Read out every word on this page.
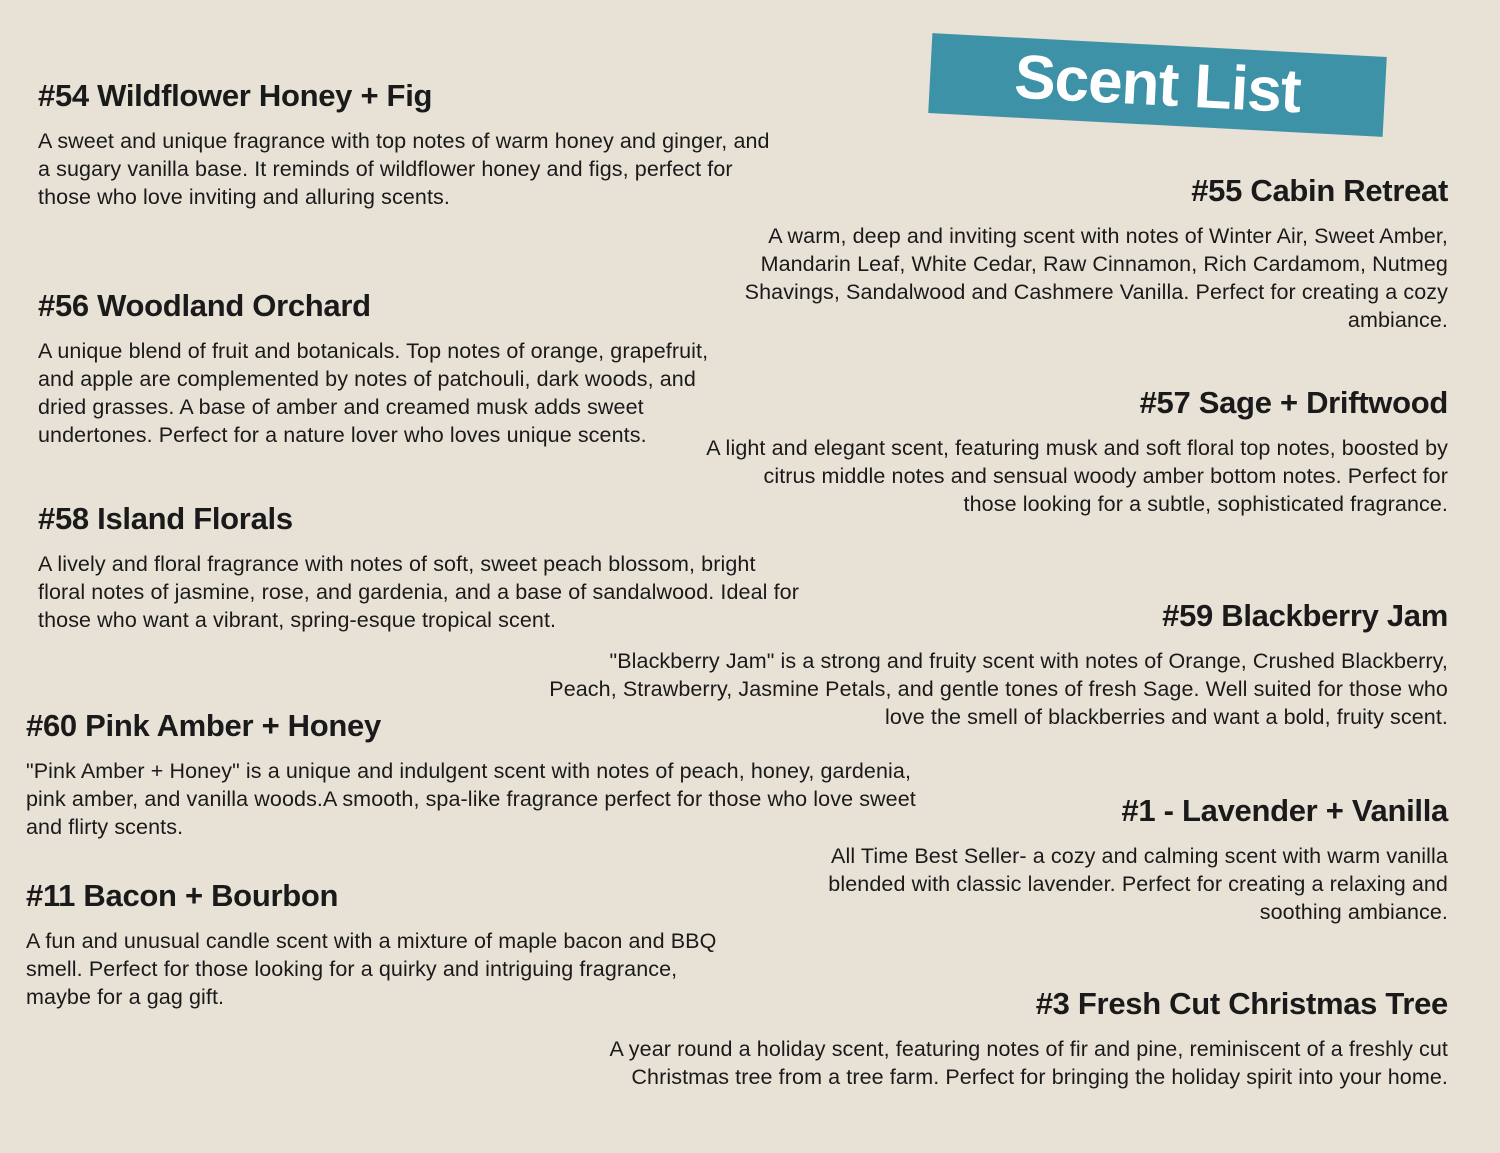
Scent List
#54 Wildflower Honey + Fig

A sweet and unique fragrance with top notes of warm honey and ginger, and a sugary vanilla base. It reminds of wildflower honey and figs, perfect for those who love inviting and alluring scents.	#55 Cabin Retreat

A warm, deep and inviting scent with notes of Winter Air, Sweet Amber, Mandarin Leaf, White Cedar, Raw Cinnamon, Rich Cardamom, Nutmeg Shavings, Sandalwood and Cashmere Vanilla. Perfect for creating a cozy ambiance.

#56 Woodland Orchard

A unique blend of fruit and botanicals. Top notes of orange, grapefruit, and apple are complemented by notes of patchouli, dark woods, and dried grasses. A base of amber and creamed musk adds sweet undertones. Perfect for a nature lover who loves unique scents.

#57 Sage + Driftwood

A light and elegant scent, featuring musk and soft floral top notes, boosted by citrus middle notes and sensual woody amber bottom notes. Perfect for those looking for a subtle, sophisticated fragrance.

#58 Island Florals

A lively and floral fragrance with notes of soft, sweet peach blossom, bright floral notes of jasmine, rose, and gardenia, and a base of sandalwood. Ideal for those who want a vibrant, spring-esque tropical scent.	#59 Blackberry Jam

"Blackberry Jam" is a strong and fruity scent with notes of Orange, Crushed Blackberry, Peach, Strawberry, Jasmine Petals, and gentle tones of fresh Sage. Well suited for those who love the smell of blackberries and want a bold, fruity scent.

#60 Pink Amber + Honey

"Pink Amber + Honey" is a unique and indulgent scent with notes of peach, honey, gardenia, pink amber, and vanilla woods.A smooth, spa-like fragrance perfect for those who love sweet and flirty scents.	#1 - Lavender + Vanilla

All Time Best Seller- a cozy and calming scent with warm vanilla blended with classic lavender. Perfect for creating a relaxing and soothing ambiance.

#11 Bacon + Bourbon

A fun and unusual candle scent with a mixture of maple bacon and BBQ smell. Perfect for those looking for a quirky and intriguing fragrance, maybe for a gag gift.	#3 Fresh Cut Christmas Tree

A year round a holiday scent, featuring notes of fir and pine, reminiscent of a freshly cut Christmas tree from a tree farm. Perfect for bringing the holiday spirit into your home.
